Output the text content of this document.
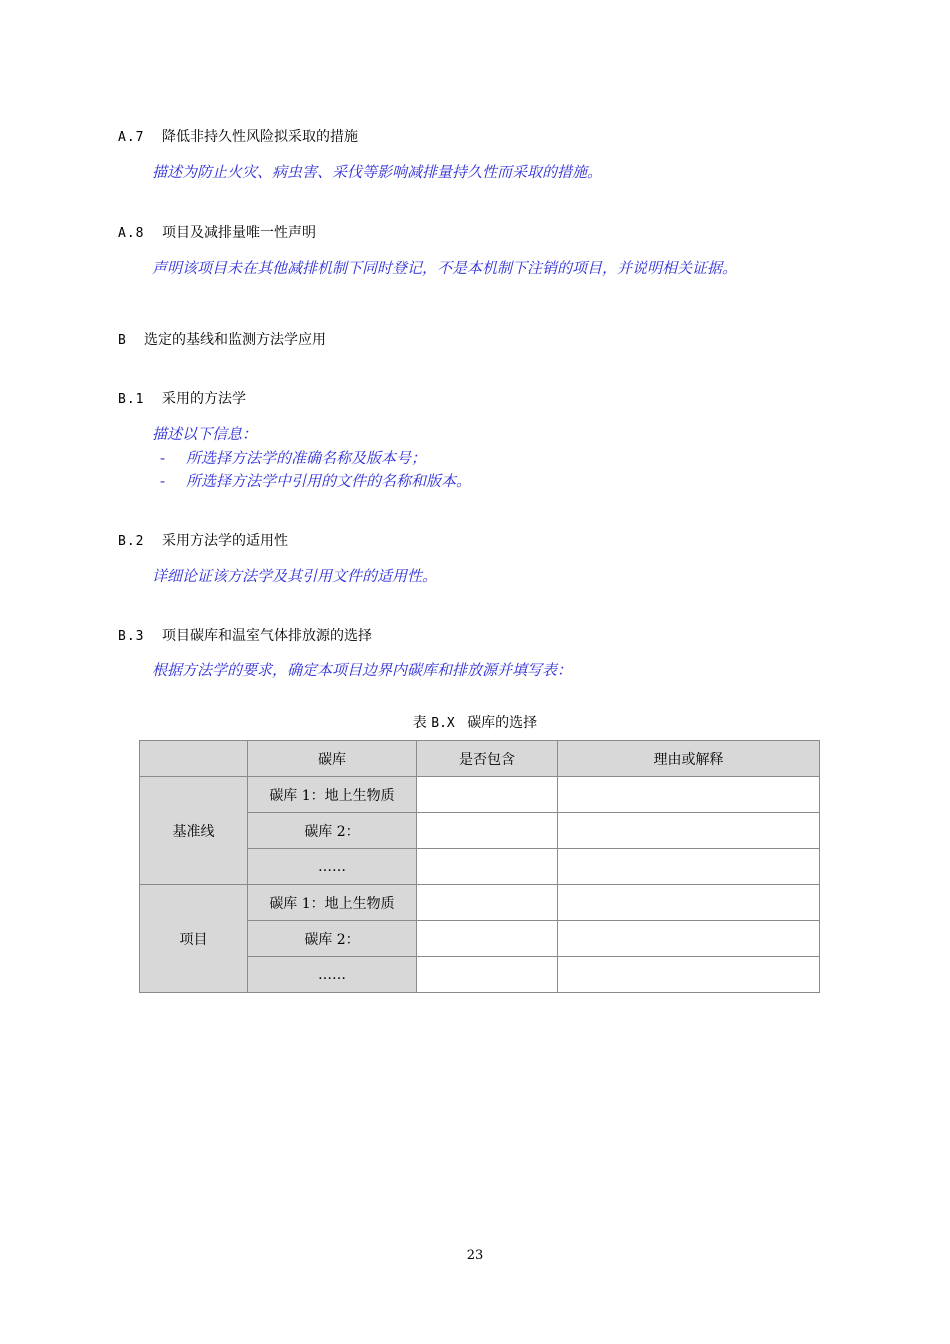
A.7 降低非持久性风险拟采取的措施
描述为防止火灾、病虫害、采伐等影响减排量持久性而采取的措施。
A.8 项目及减排量唯一性声明
声明该项目未在其他减排机制下同时登记，不是本机制下注销的项目，并说明相关证据。
B 选定的基线和监测方法学应用
B.1 采用的方法学
描述以下信息：
- 所选择方法学的准确名称及版本号；
- 所选择方法学中引用的文件的名称和版本。
B.2 采用方法学的适用性
详细论证该方法学及其引用文件的适用性。
B.3 项目碳库和温室气体排放源的选择
根据方法学的要求，确定本项目边界内碳库和排放源并填写表：
表 B.X 碳库的选择
	碳库	是否包含	理由或解释
基准线	碳库 1：地上生物质		
	碳库 2：		
	……		
项目	碳库 1：地上生物质		
	碳库 2：		
	……		
23
